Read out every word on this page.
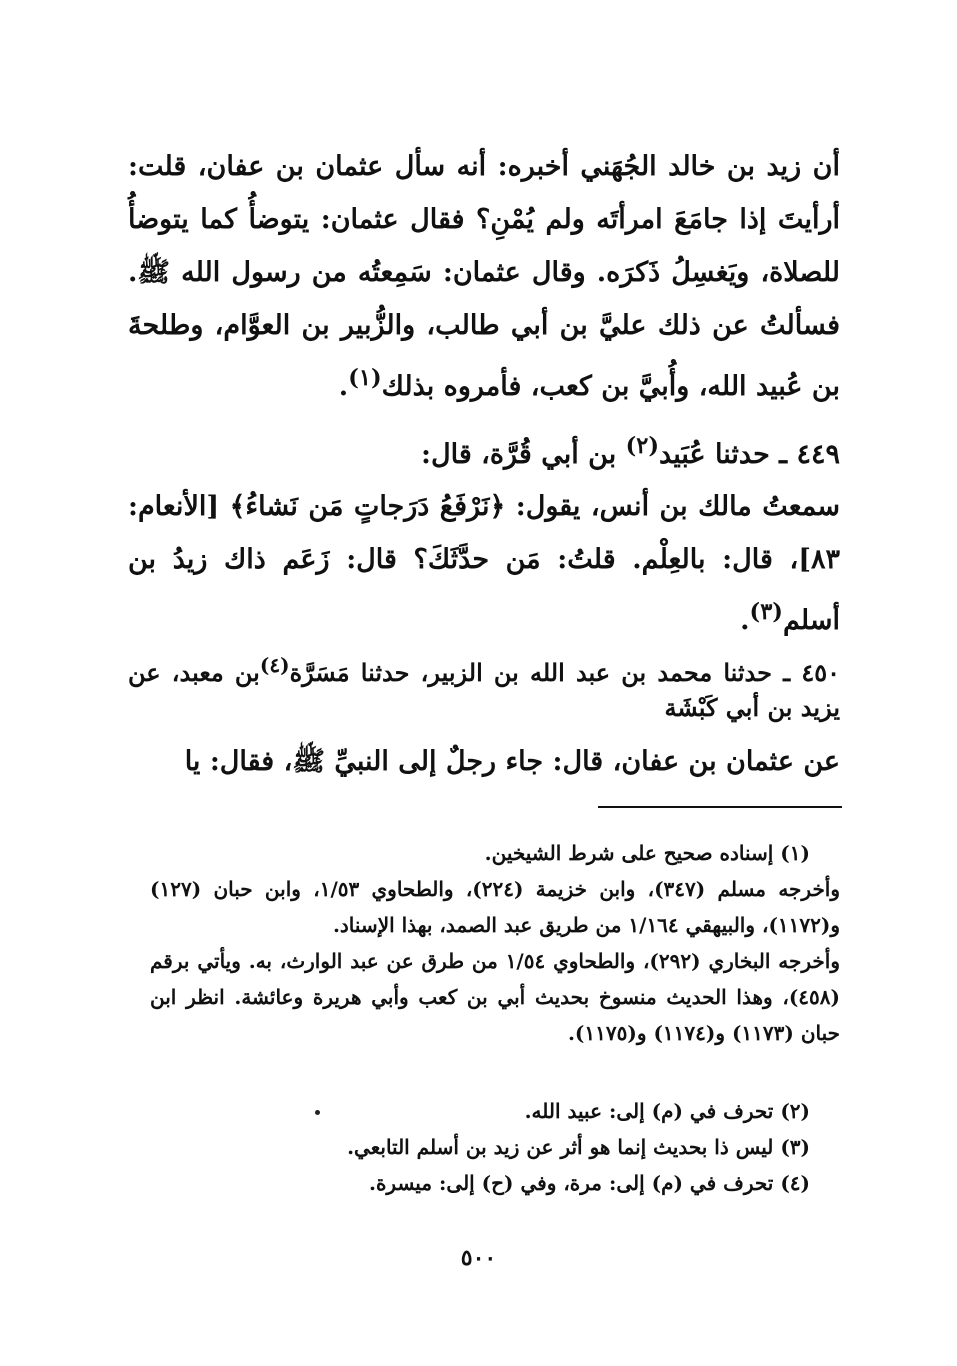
أن زيد بن خالد الجُهَني أخبره: أنه سأل عثمان بن عفان، قلت: أرأيتَ إذا جامَعَ امرأتَه ولم يُمْنِ؟ فقال عثمان: يتوضأُ كما يتوضأُ للصلاة، ويَغسِلُ ذَكرَه. وقال عثمان: سَمِعتُه من رسول الله ﷺ. فسألتُ عن ذلك عليَّ بن أبي طالب، والزُّبير بن العوَّام، وطلحةَ بن عُبيد الله، وأُبيَّ بن كعب، فأمروه بذلك$^{(١)}$.

٤٤٩ ـ حدثنا عُبَيد$^{(٢)}$ بن أبي قُرَّة، قال:

سمعتُ مالك بن أنس، يقول: ﴿نَرْفَعُ دَرَجاتٍ مَن نَشاءُ﴾ [الأنعام: ٨٣]، قال: بالعِلْم. قلتُ: مَن حدَّثَكَ؟ قال: زَعَم ذاك زيدُ بن أسلم$^{(٣)}$.

٤٥٠ ـ حدثنا محمد بن عبد الله بن الزبير، حدثنا مَسَرَّة$^{(٤)}$بن معبد، عن يزيد بن أبي كَبْشَة

عن عثمان بن عفان، قال: جاء رجلٌ إلى النبيِّ ﷺ، فقال: يا

(١) إسناده صحيح على شرط الشيخين.

وأخرجه مسلم (٣٤٧)، وابن خزيمة (٢٢٤)، والطحاوي ١/٥٣، وابن حبان (١٢٧) و(١١٧٢)، والبيهقي ١/١٦٤ من طريق عبد الصمد، بهذا الإسناد.

وأخرجه البخاري (٢٩٢)، والطحاوي ١/٥٤ من طرق عن عبد الوارث، به. ويأتي برقم (٤٥٨)، وهذا الحديث منسوخ بحديث أبي بن كعب وأبي هريرة وعائشة. انظر ابن حبان (١١٧٣) و(١١٧٤) و(١١٧٥).

(٢) تحرف في (م) إلى: عبيد الله.

(٣) ليس ذا بحديث إنما هو أثر عن زيد بن أسلم التابعي.

(٤) تحرف في (م) إلى: مرة، وفي (ح) إلى: ميسرة.

٥٠٠
